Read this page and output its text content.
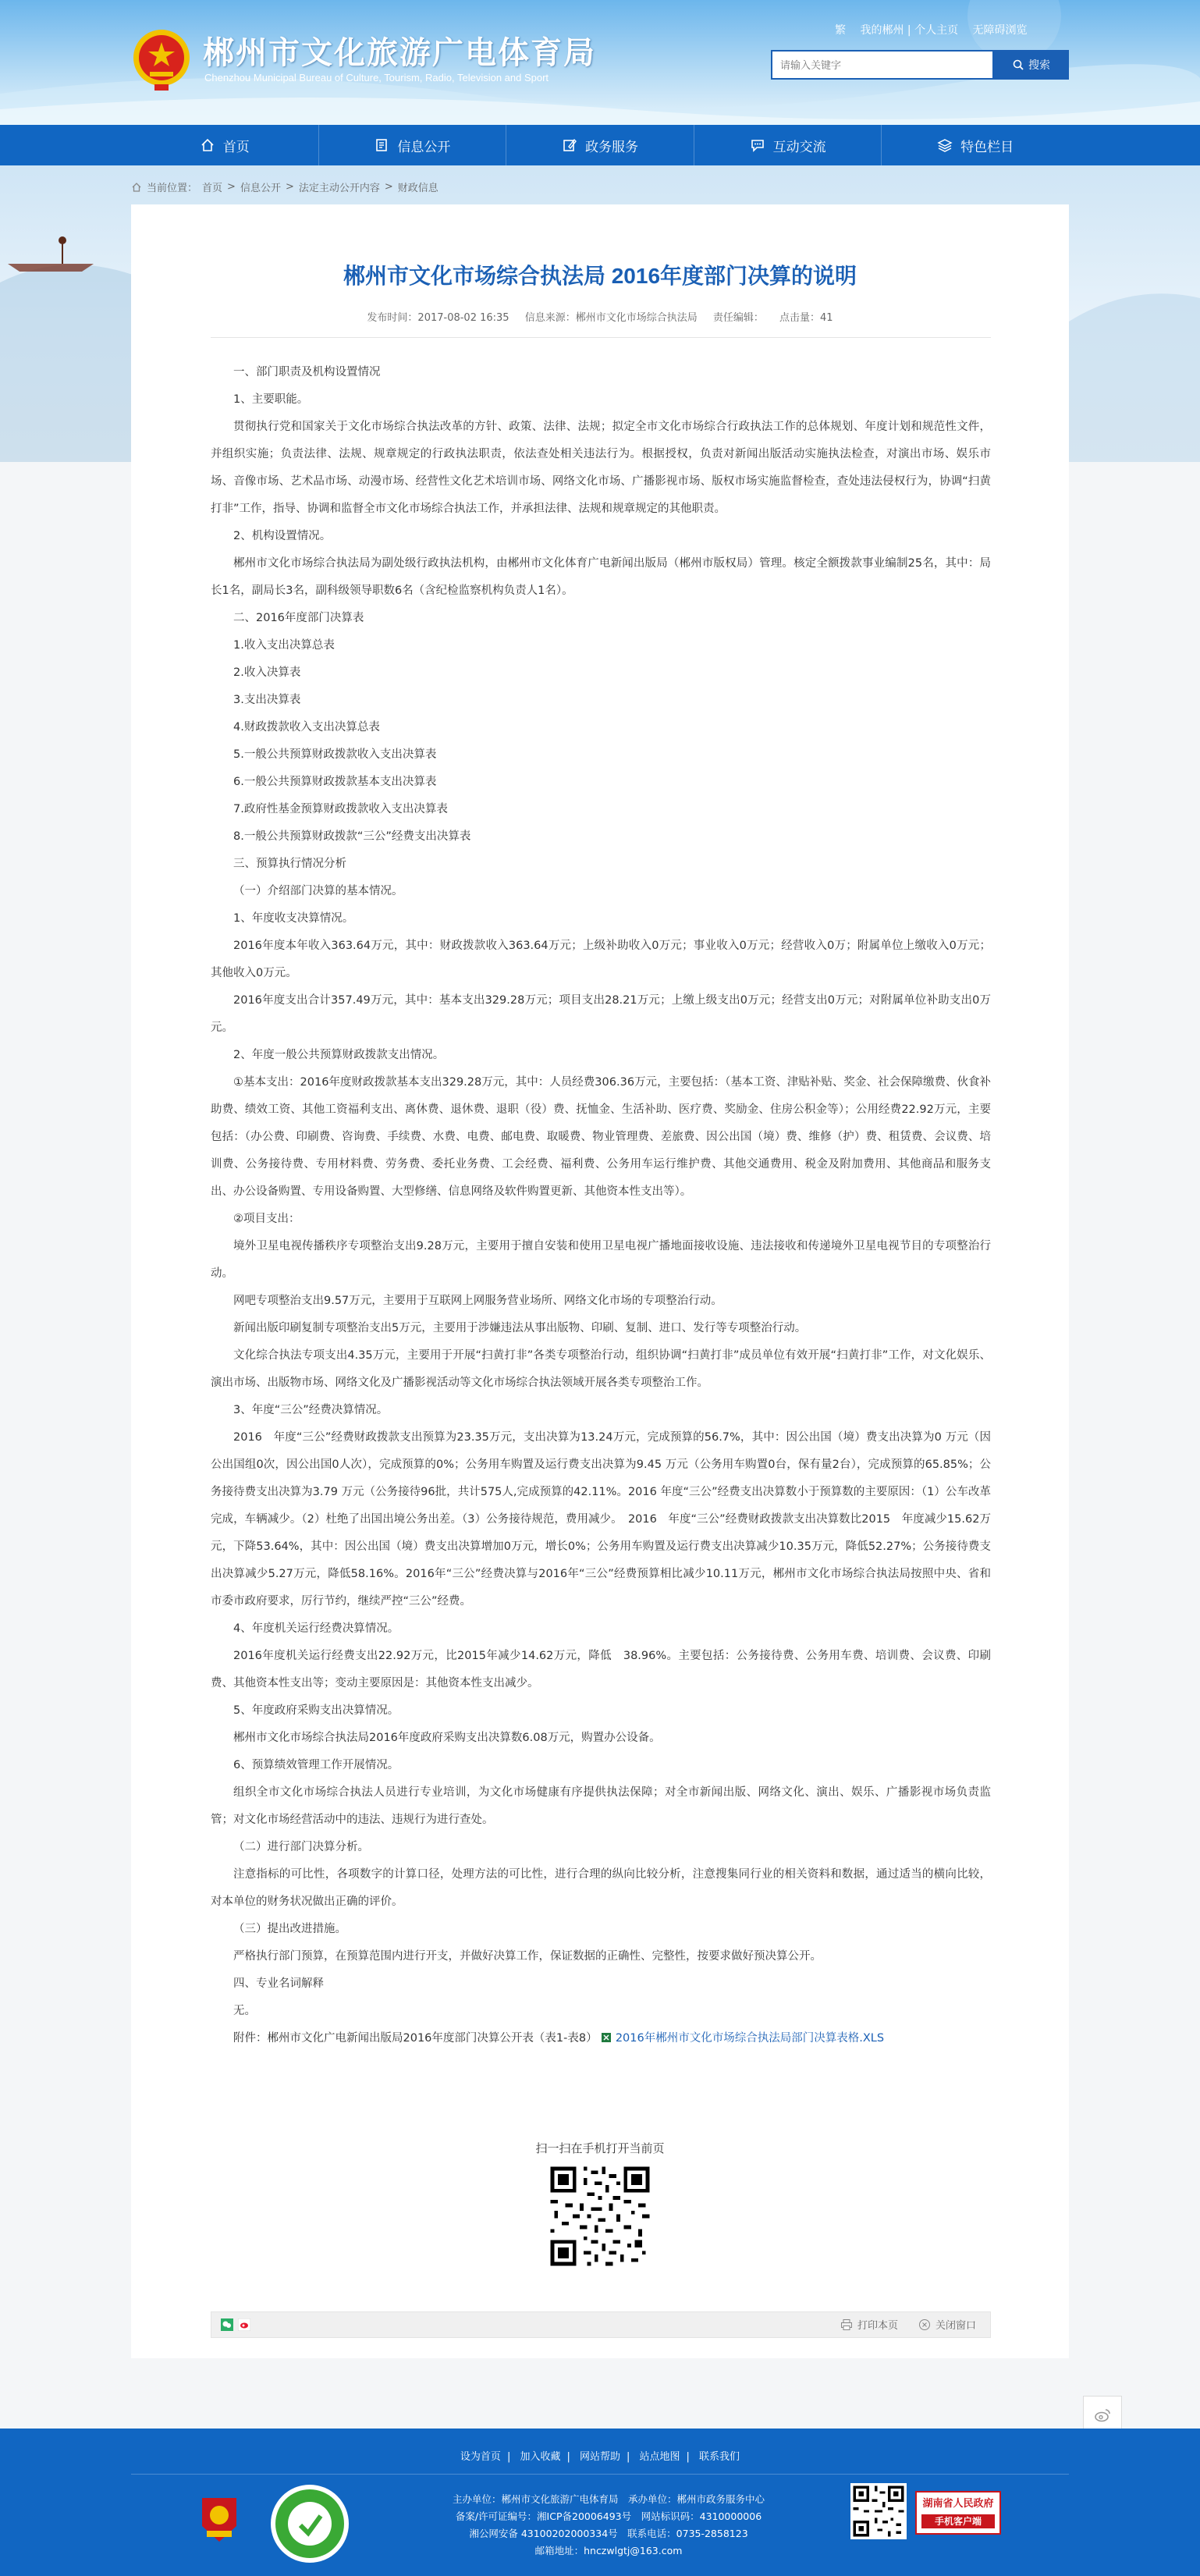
郴州市文化旅游广电体育局
Chenzhou Municipal Bureau of Culture, Tourism, Radio, Television and Sport
繁 我的郴州 | 个人主页 无障碍浏览
请输入关键字
搜索
首页	信息公开	政务服务	互动交流	特色栏目
当前位置： 首页 > 信息公开 > 法定主动公开内容 > 财政信息
郴州市文化市场综合执法局 2016年度部门决算的说明
发布时间：2017-08-02 16:35 信息来源：郴州市文化市场综合执法局 责任编辑： 点击量：41

一、部门职责及机构设置情况

1、主要职能。

贯彻执行党和国家关于文化市场综合执法改革的方针、政策、法律、法规；拟定全市文化市场综合行政执法工作的总体规划、年度计划和规范性文件，并组织实施；负责法律、法规、规章规定的行政执法职责，依法查处相关违法行为。根据授权，负责对新闻出版活动实施执法检查，对演出市场、娱乐市场、音像市场、艺术品市场、动漫市场、经营性文化艺术培训市场、网络文化市场、广播影视市场、版权市场实施监督检查，查处违法侵权行为，协调“扫黄打非”工作，指导、协调和监督全市文化市场综合执法工作，并承担法律、法规和规章规定的其他职责。

2、机构设置情况。

郴州市文化市场综合执法局为副处级行政执法机构，由郴州市文化体育广电新闻出版局（郴州市版权局）管理。核定全额拨款事业编制25名，其中：局长1名，副局长3名，副科级领导职数6名（含纪检监察机构负责人1名）。

二、2016年度部门决算表

1.收入支出决算总表

2.收入决算表

3.支出决算表

4.财政拨款收入支出决算总表

5.一般公共预算财政拨款收入支出决算表

6.一般公共预算财政拨款基本支出决算表

7.政府性基金预算财政拨款收入支出决算表

8.一般公共预算财政拨款“三公”经费支出决算表

三、预算执行情况分析

（一）介绍部门决算的基本情况。

1、年度收支决算情况。

2016年度本年收入363.64万元，其中：财政拨款收入363.64万元；上级补助收入0万元；事业收入0万元；经营收入0万；附属单位上缴收入0万元；其他收入0万元。

2016年度支出合计357.49万元，其中：基本支出329.28万元；项目支出28.21万元；上缴上级支出0万元；经营支出0万元；对附属单位补助支出0万元。

2、年度一般公共预算财政拨款支出情况。

①基本支出：2016年度财政拨款基本支出329.28万元，其中：人员经费306.36万元，主要包括：（基本工资、津贴补贴、奖金、社会保障缴费、伙食补助费、绩效工资、其他工资福利支出、离休费、退休费、退职（役）费、抚恤金、生活补助、医疗费、奖励金、住房公积金等）；公用经费22.92万元，主要包括：（办公费、印刷费、咨询费、手续费、水费、电费、邮电费、取暖费、物业管理费、差旅费、因公出国（境）费、维修（护）费、租赁费、会议费、培训费、公务接待费、专用材料费、劳务费、委托业务费、工会经费、福利费、公务用车运行维护费、其他交通费用、税金及附加费用、其他商品和服务支出、办公设备购置、专用设备购置、大型修缮、信息网络及软件购置更新、其他资本性支出等）。

②项目支出：

境外卫星电视传播秩序专项整治支出9.28万元，主要用于擅自安装和使用卫星电视广播地面接收设施、违法接收和传递境外卫星电视节目的专项整治行动。

网吧专项整治支出9.57万元，主要用于互联网上网服务营业场所、网络文化市场的专项整治行动。

新闻出版印刷复制专项整治支出5万元，主要用于涉嫌违法从事出版物、印刷、复制、进口、发行等专项整治行动。

文化综合执法专项支出4.35万元，主要用于开展“扫黄打非”各类专项整治行动，组织协调“扫黄打非”成员单位有效开展“扫黄打非”工作，对文化娱乐、演出市场、出版物市场、网络文化及广播影视活动等文化市场综合执法领域开展各类专项整治工作。

3、年度“三公”经费决算情况。

2016　年度“三公”经费财政拨款支出预算为23.35万元，支出决算为13.24万元，完成预算的56.7%，其中：因公出国（境）费支出决算为0 万元（因公出国组0次，因公出国0人次），完成预算的0%；公务用车购置及运行费支出决算为9.45 万元（公务用车购置0台，保有量2台），完成预算的65.85%；公务接待费支出决算为3.79 万元（公务接待96批，共计575人,完成预算的42.11%。2016 年度“三公”经费支出决算数小于预算数的主要原因：（1）公车改革完成，车辆减少。（2）杜绝了出国出境公务出差。（3）公务接待规范，费用减少。　2016　年度“三公”经费财政拨款支出决算数比2015　年度减少15.62万元，下降53.64%，其中：因公出国（境）费支出决算增加0万元，增长0%；公务用车购置及运行费支出决算减少10.35万元，降低52.27%；公务接待费支出决算减少5.27万元，降低58.16%。2016年“三公”经费决算与2016年“三公”经费预算相比减少10.11万元，郴州市文化市场综合执法局按照中央、省和市委市政府要求，厉行节约，继续严控“三公”经费。

4、年度机关运行经费决算情况。

2016年度机关运行经费支出22.92万元，比2015年减少14.62万元，降低　38.96%。主要包括：公务接待费、公务用车费、培训费、会议费、印刷费、其他资本性支出等；变动主要原因是：其他资本性支出减少。

5、年度政府采购支出决算情况。

郴州市文化市场综合执法局2016年度政府采购支出决算数6.08万元，购置办公设备。

6、预算绩效管理工作开展情况。

组织全市文化市场综合执法人员进行专业培训，为文化市场健康有序提供执法保障；对全市新闻出版、网络文化、演出、娱乐、广播影视市场负责监管；对文化市场经营活动中的违法、违规行为进行查处。

（二）进行部门决算分析。

注意指标的可比性，各项数字的计算口径，处理方法的可比性，进行合理的纵向比较分析，注意搜集同行业的相关资料和数据，通过适当的横向比较，对本单位的财务状况做出正确的评价。

（三）提出改进措施。

严格执行部门预算，在预算范围内进行开支，并做好决算工作，保证数据的正确性、完整性，按要求做好预决算公开。

四、专业名词解释

无。

附件：郴州市文化广电新闻出版局2016年度部门决算公开表（表1-表8） 2016年郴州市文化市场综合执法局部门决算表格.XLS

扫一扫在手机打开当前页
打印本页	关闭窗口
设为首页 | 加入收藏 | 网站帮助 | 站点地图 | 联系我们
主办单位：郴州市文化旅游广电体育局　承办单位：郴州市政务服务中心
备案/许可证编号：湘ICP备20006493号　网站标识码：4310000006
湘公网安备 43100202000334号　联系电话：0735-2858123
邮箱地址：hnczwlgtj@163.com
湖南省人民政府
手机客户端
